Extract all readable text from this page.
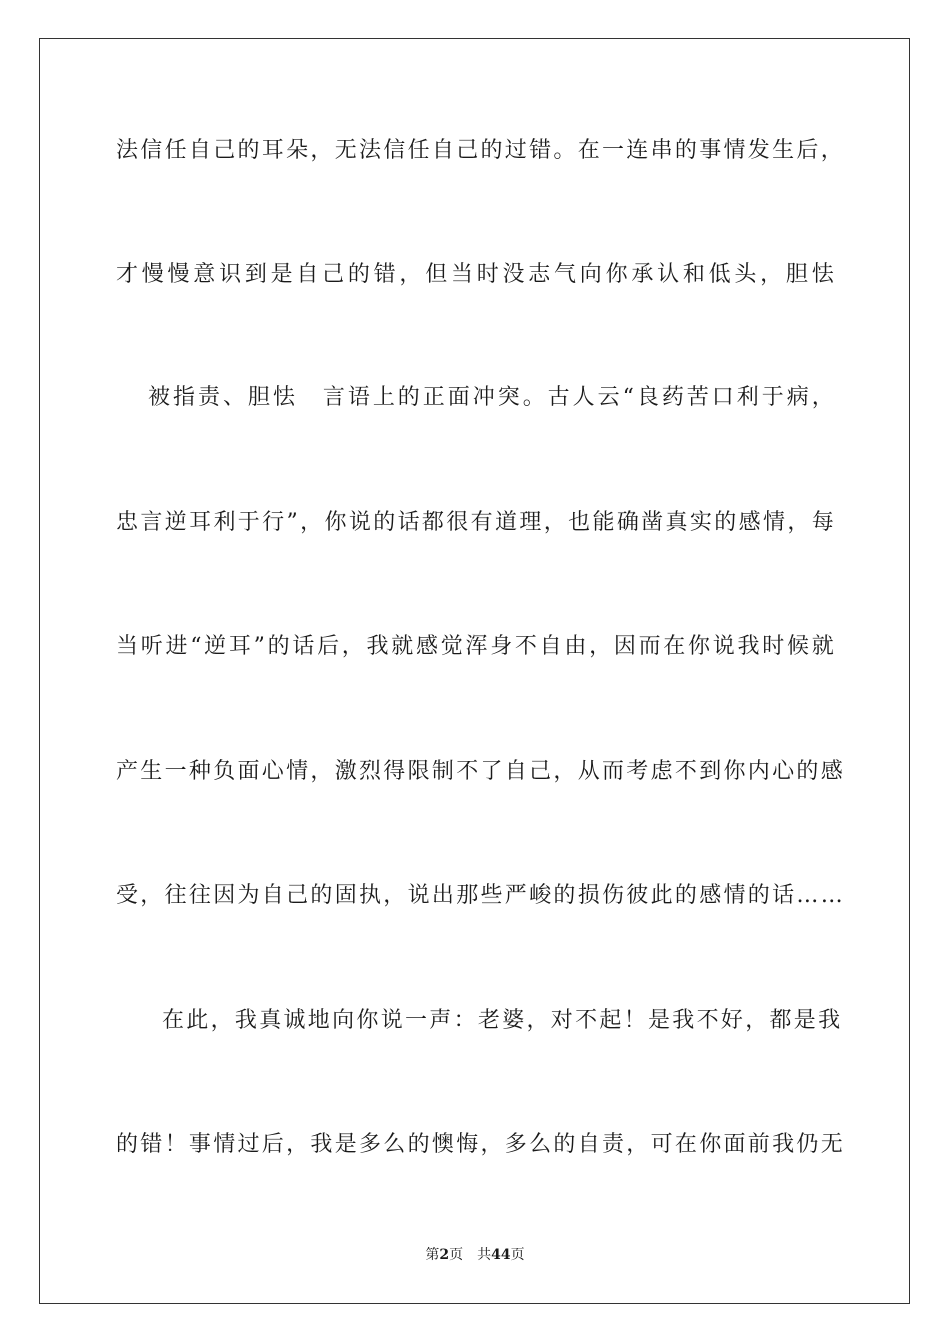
法信任自己的耳朵，无法信任自己的过错。在一连串的事情发生后，
才慢慢意识到是自己的错，但当时没志气向你承认和低头，胆怯
被指责、胆怯　言语上的正面冲突。古人云“良药苦口利于病，
忠言逆耳利于行”，你说的话都很有道理，也能确凿真实的感情，每
当听进“逆耳”的话后，我就感觉浑身不自由，因而在你说我时候就
产生一种负面心情，激烈得限制不了自己，从而考虑不到你内心的感
受，往往因为自己的固执，说出那些严峻的损伤彼此的感情的话……
在此，我真诚地向你说一声：老婆，对不起！是我不好，都是我
的错！事情过后，我是多么的懊悔，多么的自责，可在你面前我仍无
第2页 共44页
